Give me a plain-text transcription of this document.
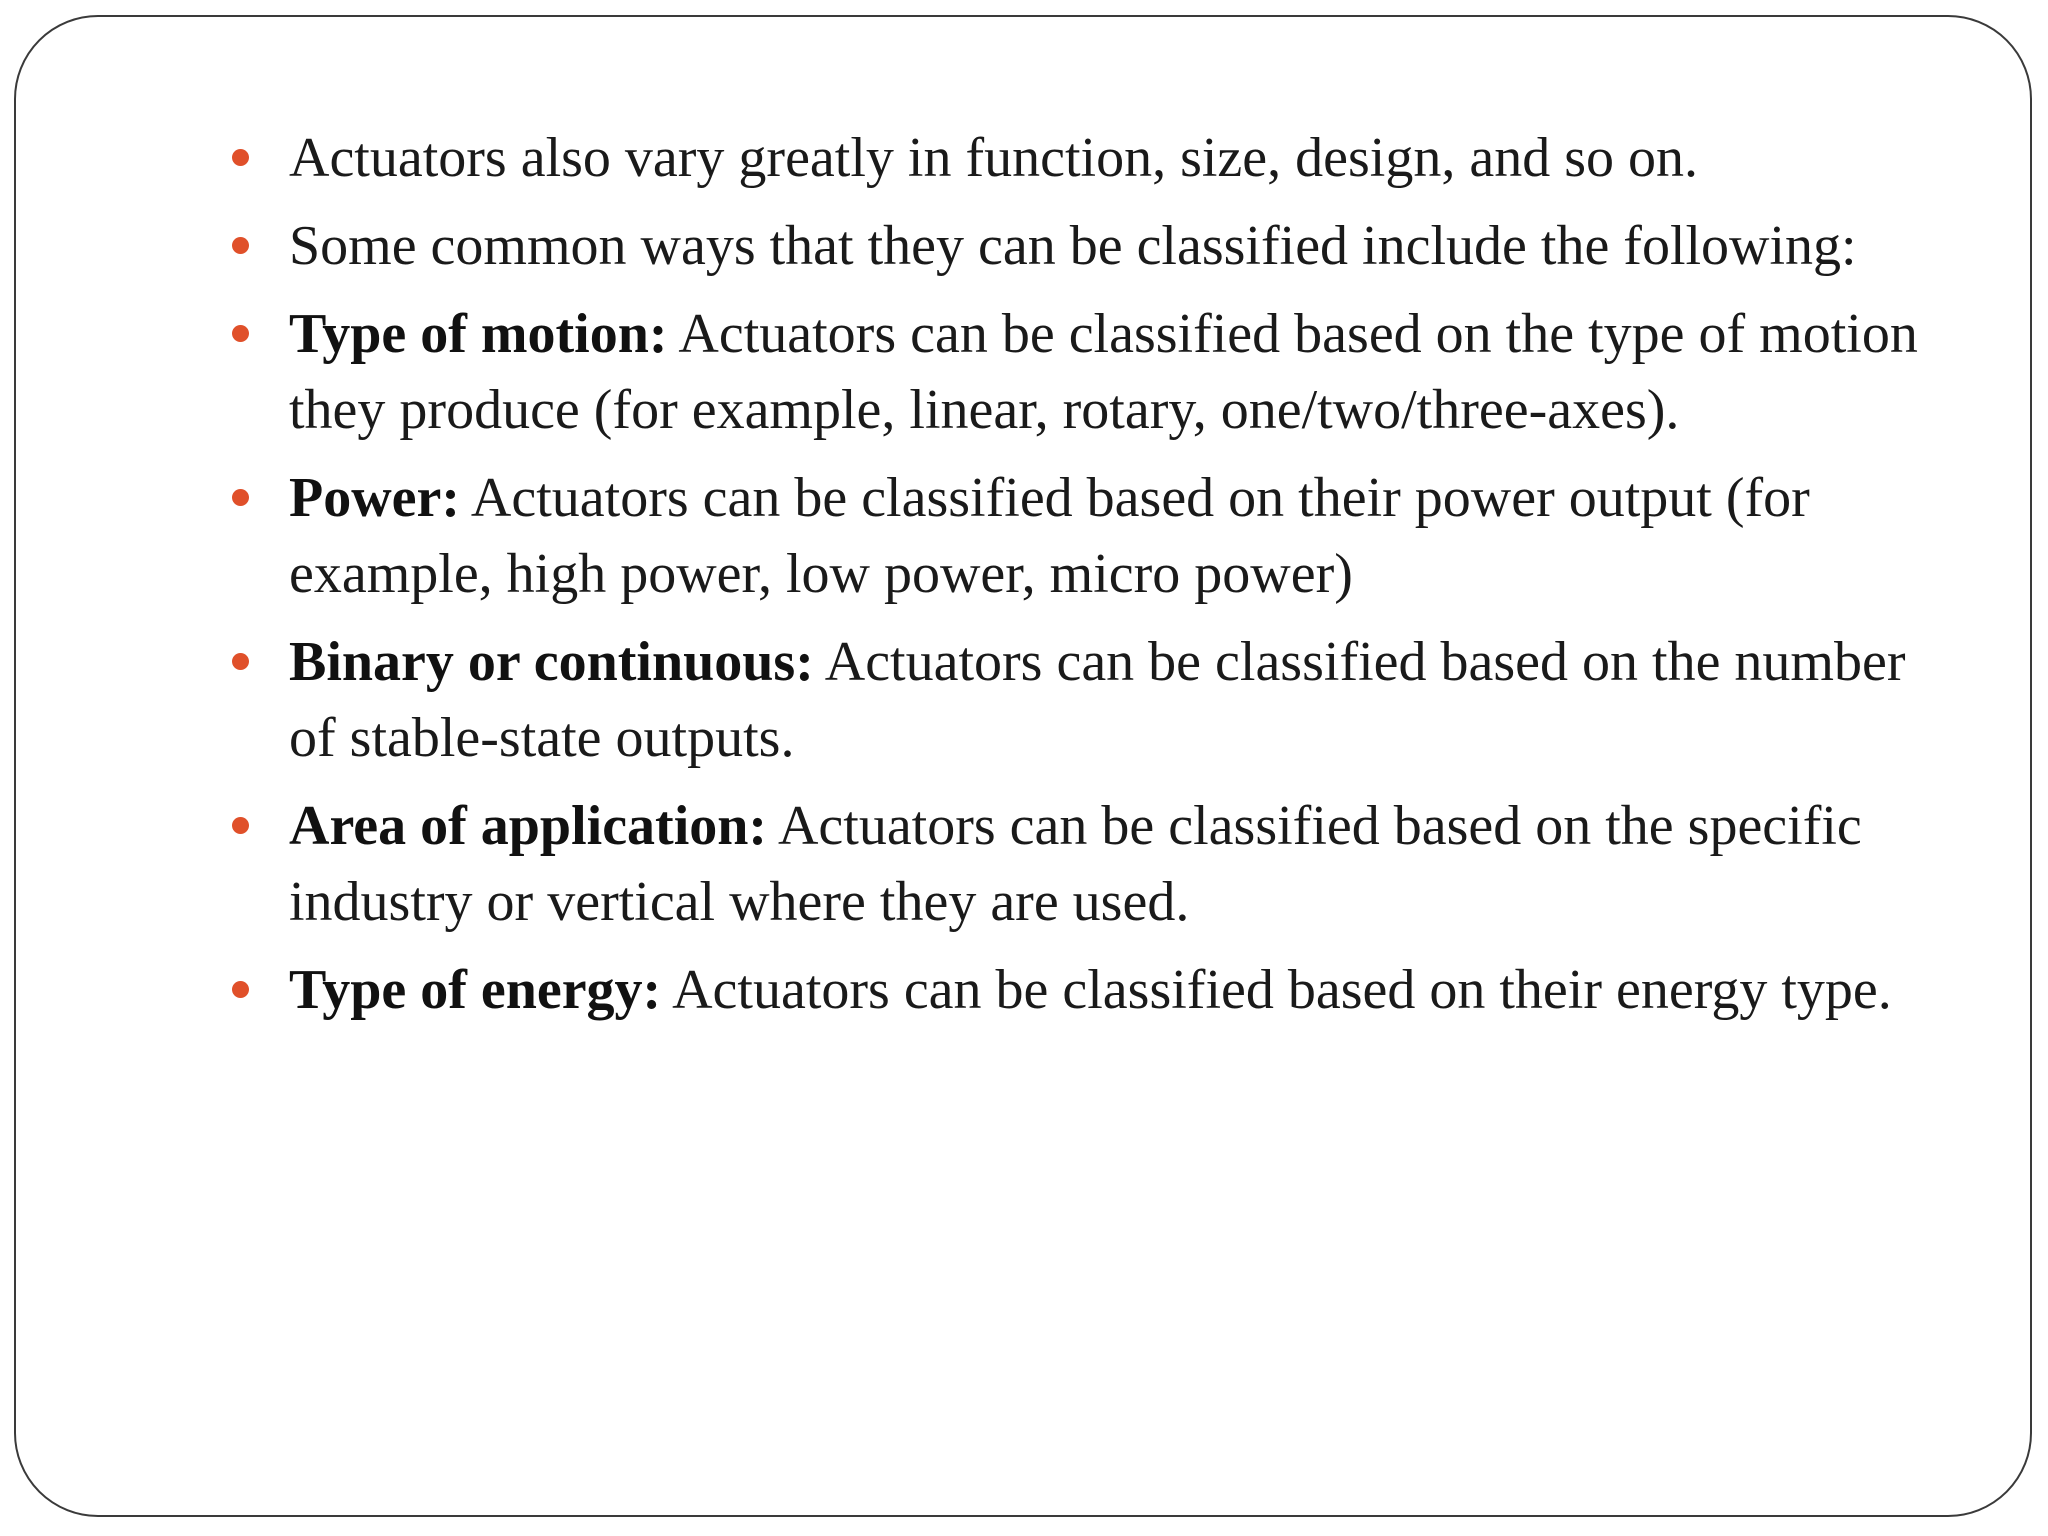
Actuators also vary greatly in function, size, design, and so on.
Some common ways that they can be classified include the following:
Type of motion: Actuators can be classified based on the type of motion they produce (for example, linear, rotary, one/two/three-axes).
Power: Actuators can be classified based on their power output (for example, high power, low power, micro power)
Binary or continuous: Actuators can be classified based on the number of stable-state outputs.
Area of application: Actuators can be classified based on the specific industry or vertical where they are used.
Type of energy: Actuators can be classified based on their energy type.
